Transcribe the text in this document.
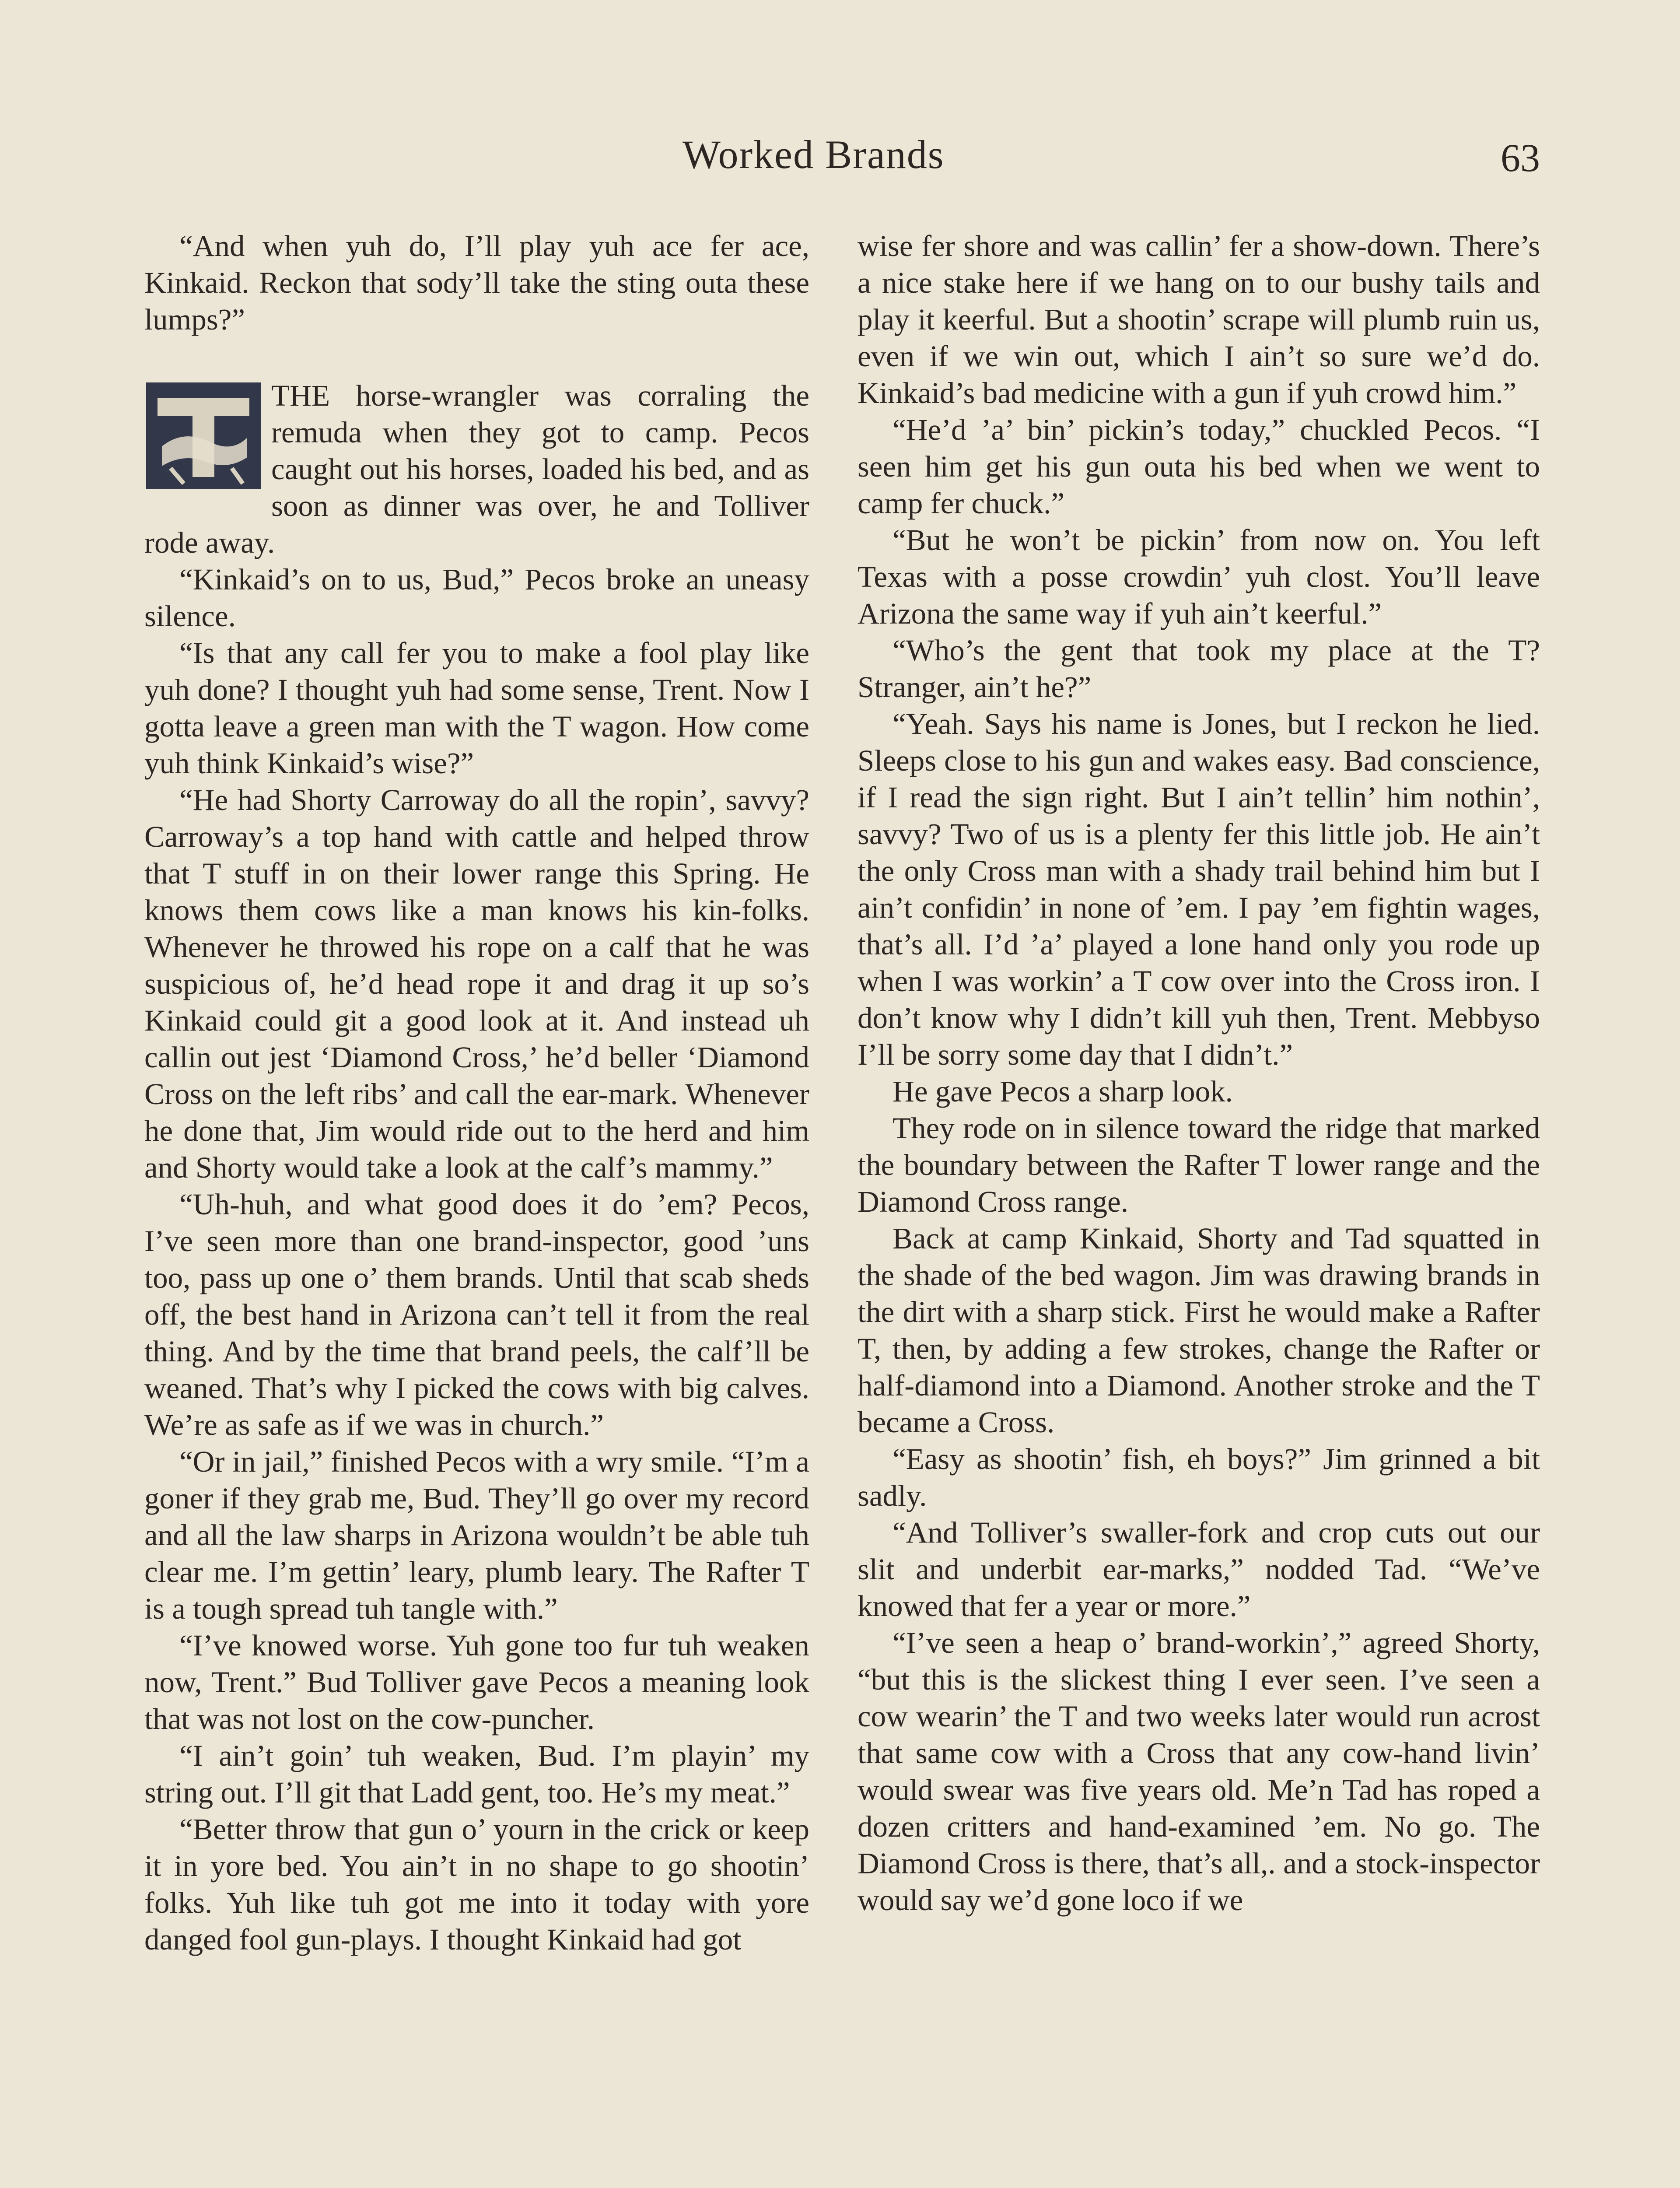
Worked Brands	63

“And when yuh do, I’ll play yuh ace fer ace, Kinkaid. Reckon that sody’ll take the sting outa these lumps?”

THE horse-wrangler was corraling the remuda when they got to camp. Pecos caught out his horses, loaded his bed, and as soon as dinner was over, he and Tolliver rode away.

“Kinkaid’s on to us, Bud,” Pecos broke an uneasy silence.

“Is that any call fer you to make a fool play like yuh done? I thought yuh had some sense, Trent. Now I gotta leave a green man with the T wagon. How come yuh think Kinkaid’s wise?”

“He had Shorty Carroway do all the ropin’, savvy? Carroway’s a top hand with cattle and helped throw that T stuff in on their lower range this Spring. He knows them cows like a man knows his kin-folks. Whenever he throwed his rope on a calf that he was suspicious of, he’d head rope it and drag it up so’s Kinkaid could git a good look at it. And instead uh callin out jest ‘Diamond Cross,’ he’d beller ‘Diamond Cross on the left ribs’ and call the ear-mark. Whenever he done that, Jim would ride out to the herd and him and Shorty would take a look at the calf’s mammy.”

“Uh-huh, and what good does it do ’em? Pecos, I’ve seen more than one brand-inspector, good ’uns too, pass up one o’ them brands. Until that scab sheds off, the best hand in Arizona can’t tell it from the real thing. And by the time that brand peels, the calf’ll be weaned. That’s why I picked the cows with big calves. We’re as safe as if we was in church.”

“Or in jail,” finished Pecos with a wry smile. “I’m a goner if they grab me, Bud. They’ll go over my record and all the law sharps in Arizona wouldn’t be able tuh clear me. I’m gettin’ leary, plumb leary. The Rafter T is a tough spread tuh tangle with.”

“I’ve knowed worse. Yuh gone too fur tuh weaken now, Trent.” Bud Tolliver gave Pecos a meaning look that was not lost on the cow-puncher.

“I ain’t goin’ tuh weaken, Bud. I’m playin’ my string out. I’ll git that Ladd gent, too. He’s my meat.”

“Better throw that gun o’ yourn in the crick or keep it in yore bed. You ain’t in no shape to go shootin’ folks. Yuh like tuh got me into it today with yore danged fool gun-plays. I thought Kinkaid had got

wise fer shore and was callin’ fer a show-down. There’s a nice stake here if we hang on to our bushy tails and play it keerful. But a shootin’ scrape will plumb ruin us, even if we win out, which I ain’t so sure we’d do. Kinkaid’s bad medicine with a gun if yuh crowd him.”

“He’d ’a’ bin’ pickin’s today,” chuckled Pecos. “I seen him get his gun outa his bed when we went to camp fer chuck.”

“But he won’t be pickin’ from now on. You left Texas with a posse crowdin’ yuh clost. You’ll leave Arizona the same way if yuh ain’t keerful.”

“Who’s the gent that took my place at the T? Stranger, ain’t he?”

“Yeah. Says his name is Jones, but I reckon he lied. Sleeps close to his gun and wakes easy. Bad conscience, if I read the sign right. But I ain’t tellin’ him nothin’, savvy? Two of us is a plenty fer this little job. He ain’t the only Cross man with a shady trail behind him but I ain’t confidin’ in none of ’em. I pay ’em fightin wages, that’s all. I’d ’a’ played a lone hand only you rode up when I was workin’ a T cow over into the Cross iron. I don’t know why I didn’t kill yuh then, Trent. Mebbyso I’ll be sorry some day that I didn’t.”

He gave Pecos a sharp look.

They rode on in silence toward the ridge that marked the boundary between the Rafter T lower range and the Diamond Cross range.

Back at camp Kinkaid, Shorty and Tad squatted in the shade of the bed wagon. Jim was drawing brands in the dirt with a sharp stick. First he would make a Rafter T, then, by adding a few strokes, change the Rafter or half-diamond into a Diamond. Another stroke and the T became a Cross.

“Easy as shootin’ fish, eh boys?” Jim grinned a bit sadly.

“And Tolliver’s swaller-fork and crop cuts out our slit and underbit ear-marks,” nodded Tad. “We’ve knowed that fer a year or more.”

“I’ve seen a heap o’ brand-workin’,” agreed Shorty, “but this is the slickest thing I ever seen. I’ve seen a cow wearin’ the T and two weeks later would run acrost that same cow with a Cross that any cow-hand livin’ would swear was five years old. Me’n Tad has roped a dozen critters and hand-examined ’em. No go. The Diamond Cross is there, that’s all,. and a stock-inspector would say we’d gone loco if we
